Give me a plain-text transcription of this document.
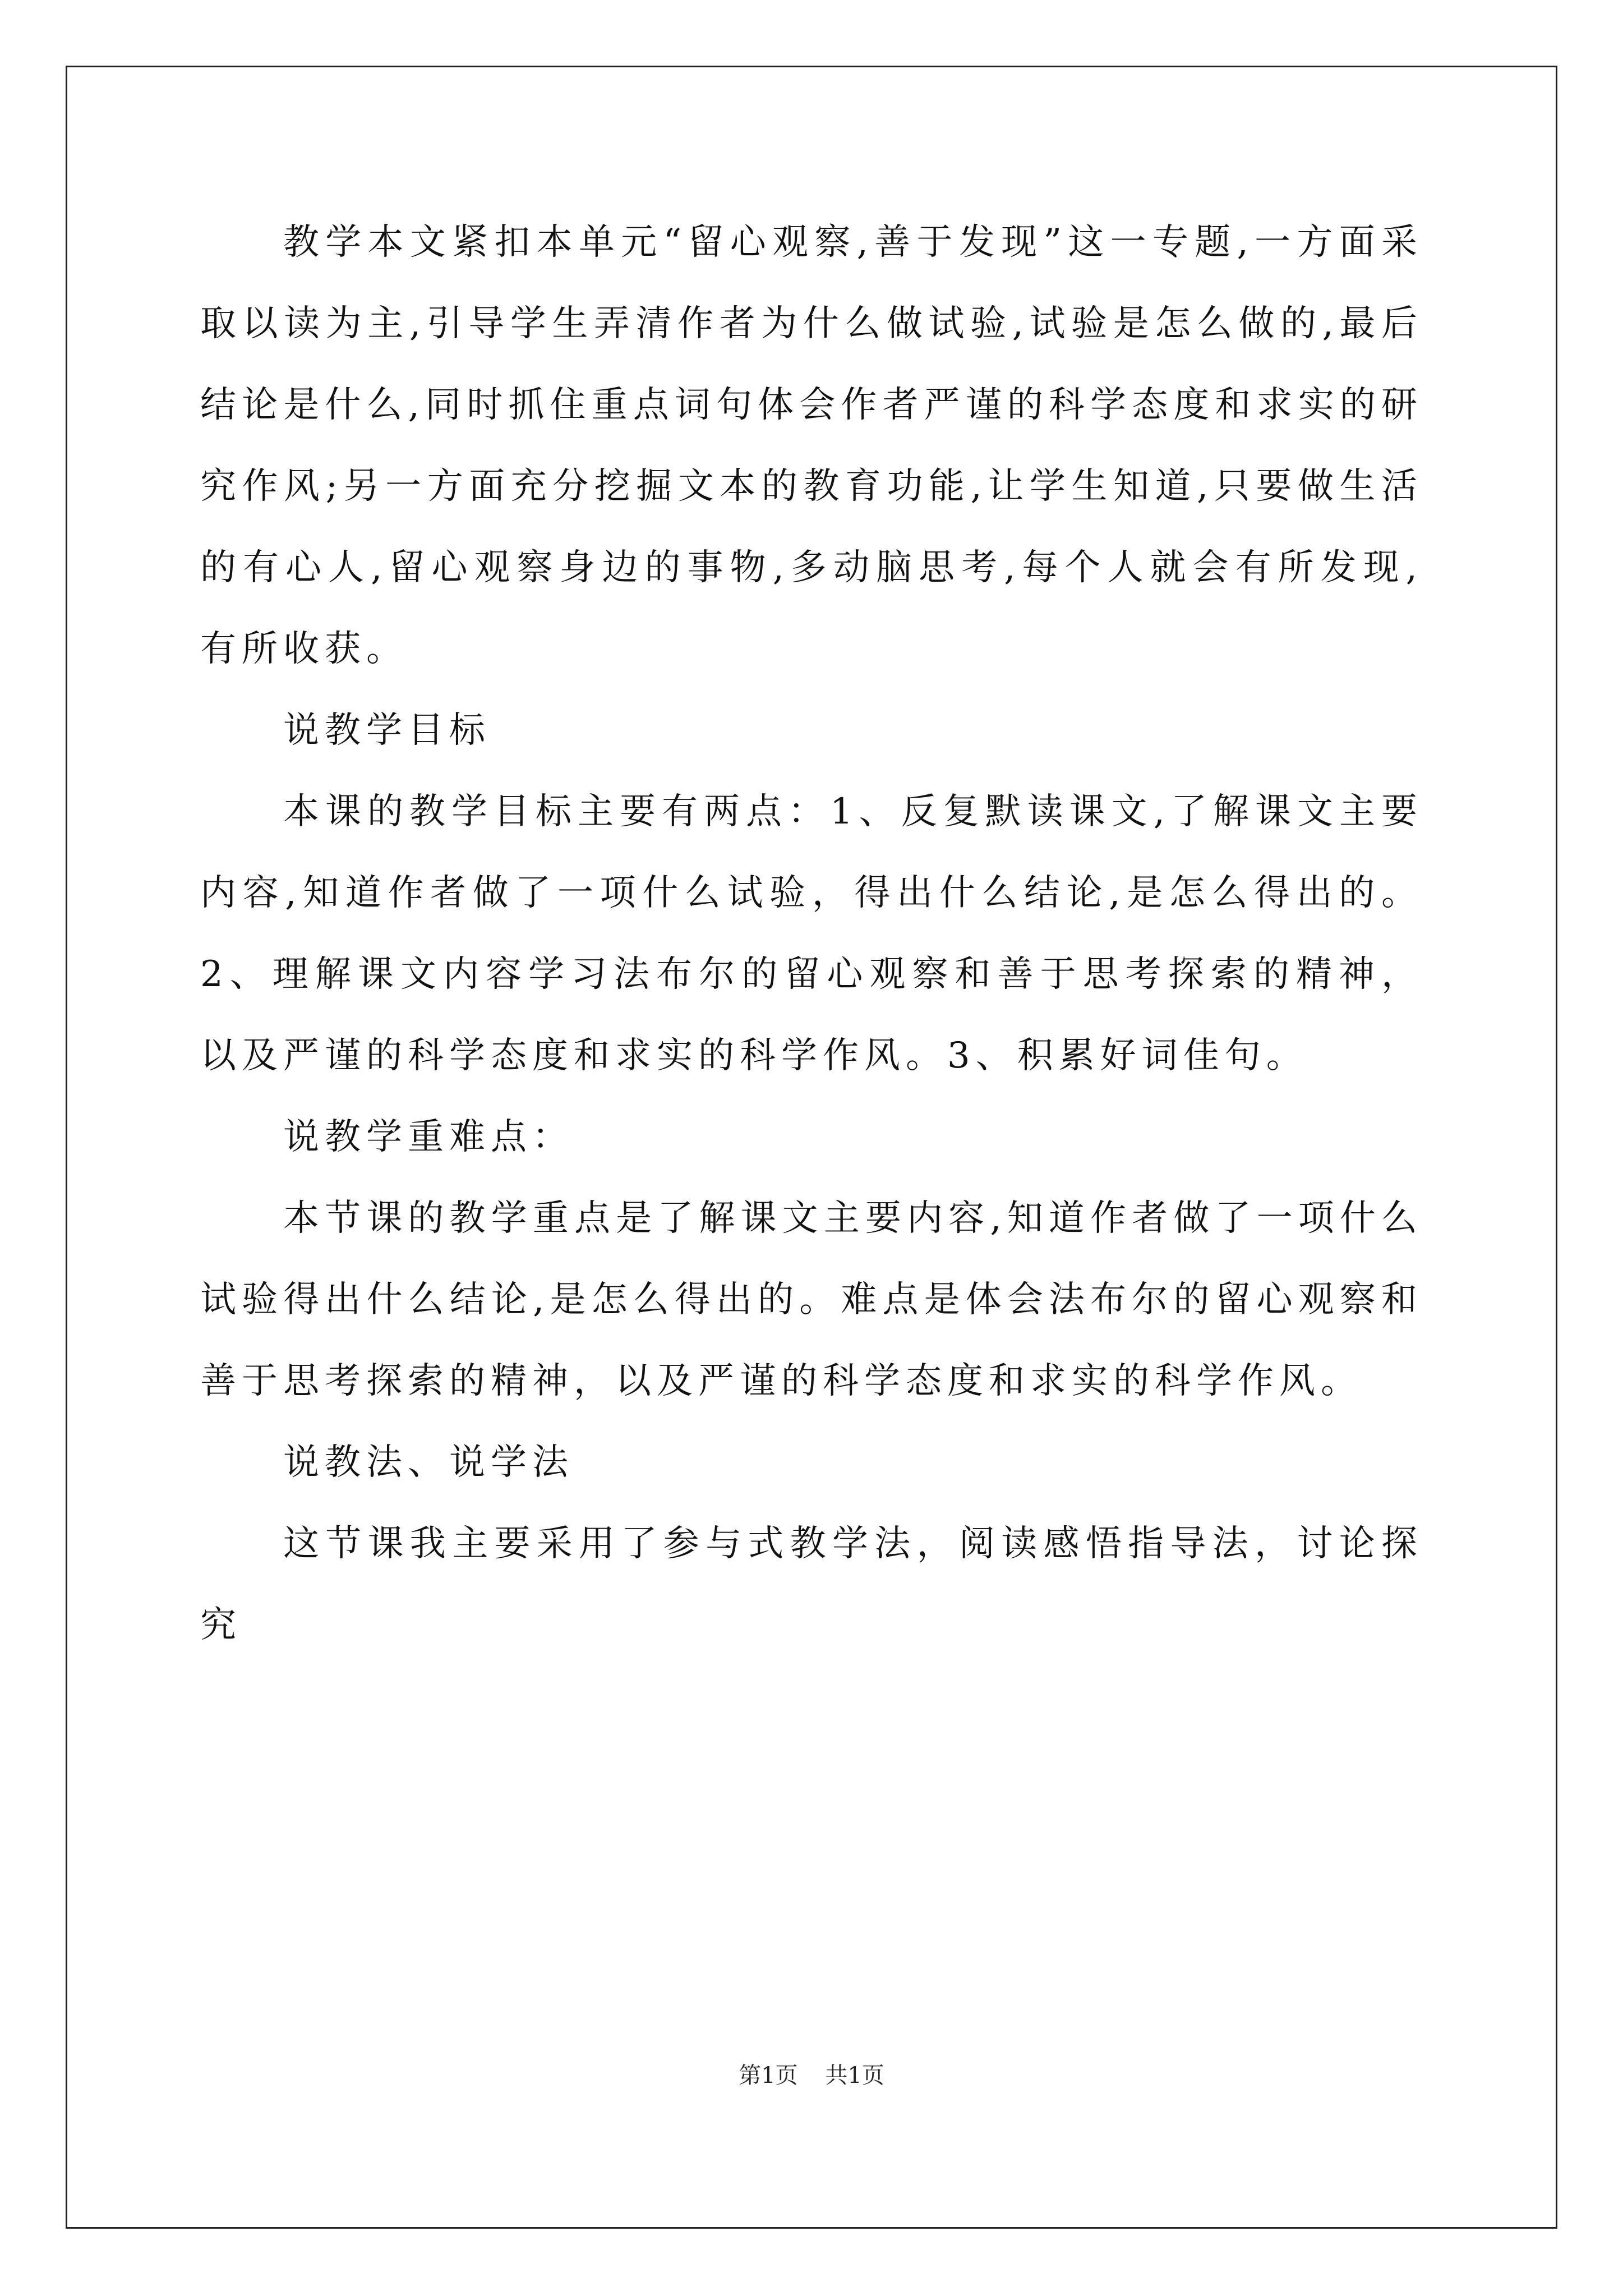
教学本文紧扣本单元“留心观察,善于发现”这一专题,一方面采取以读为主,引导学生弄清作者为什么做试验,试验是怎么做的,最后结论是什么,同时抓住重点词句体会作者严谨的科学态度和求实的研究作风;另一方面充分挖掘文本的教育功能,让学生知道,只要做生活的有心人,留心观察身边的事物,多动脑思考,每个人就会有所发现,有所收获。

说教学目标

本课的教学目标主要有两点：1、反复默读课文,了解课文主要内容,知道作者做了一项什么试验，得出什么结论,是怎么得出的。 2、理解课文内容学习法布尔的留心观察和善于思考探索的精神，以及严谨的科学态度和求实的科学作风。3、积累好词佳句。

说教学重难点：

本节课的教学重点是了解课文主要内容,知道作者做了一项什么试验得出什么结论,是怎么得出的。难点是体会法布尔的留心观察和善于思考探索的精神，以及严谨的科学态度和求实的科学作风。

说教法、说学法

这节课我主要采用了参与式教学法，阅读感悟指导法，讨论探究

第1页 共1页
